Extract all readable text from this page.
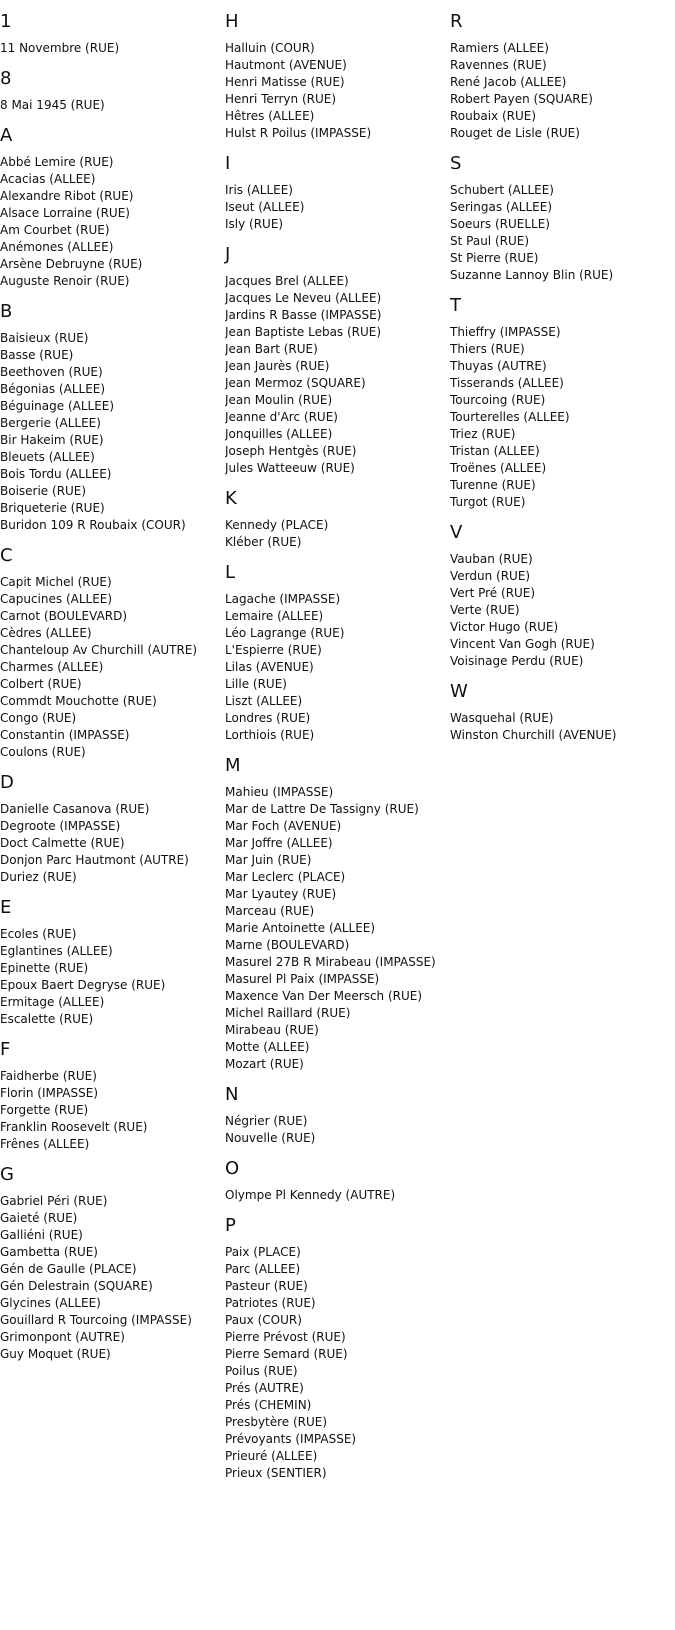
1
11 Novembre (RUE)
8
8 Mai 1945 (RUE)
A
Abbé Lemire (RUE)
Acacias (ALLEE)
Alexandre Ribot (RUE)
Alsace Lorraine (RUE)
Am Courbet (RUE)
Anémones (ALLEE)
Arsène Debruyne (RUE)
Auguste Renoir (RUE)
B
Baisieux (RUE)
Basse (RUE)
Beethoven (RUE)
Bégonias (ALLEE)
Béguinage (ALLEE)
Bergerie (ALLEE)
Bir Hakeim (RUE)
Bleuets (ALLEE)
Bois Tordu (ALLEE)
Boiserie (RUE)
Briqueterie (RUE)
Buridon 109 R Roubaix (COUR)
C
Capit Michel (RUE)
Capucines (ALLEE)
Carnot (BOULEVARD)
Cèdres (ALLEE)
Chanteloup Av Churchill (AUTRE)
Charmes (ALLEE)
Colbert (RUE)
Commdt Mouchotte (RUE)
Congo (RUE)
Constantin (IMPASSE)
Coulons (RUE)
D
Danielle Casanova (RUE)
Degroote (IMPASSE)
Doct Calmette (RUE)
Donjon Parc Hautmont (AUTRE)
Duriez (RUE)
E
Ecoles (RUE)
Eglantines (ALLEE)
Epinette (RUE)
Epoux Baert Degryse (RUE)
Ermitage (ALLEE)
Escalette (RUE)
F
Faidherbe (RUE)
Florin (IMPASSE)
Forgette (RUE)
Franklin Roosevelt (RUE)
Frênes (ALLEE)
G
Gabriel Péri (RUE)
Gaieté (RUE)
Galliéni (RUE)
Gambetta (RUE)
Gén de Gaulle (PLACE)
Gén Delestrain (SQUARE)
Glycines (ALLEE)
Gouillard R Tourcoing (IMPASSE)
Grimonpont (AUTRE)
Guy Moquet (RUE)
H
Halluin (COUR)
Hautmont (AVENUE)
Henri Matisse (RUE)
Henri Terryn (RUE)
Hêtres (ALLEE)
Hulst R Poilus (IMPASSE)
I
Iris (ALLEE)
Iseut (ALLEE)
Isly (RUE)
J
Jacques Brel (ALLEE)
Jacques Le Neveu (ALLEE)
Jardins R Basse (IMPASSE)
Jean Baptiste Lebas (RUE)
Jean Bart (RUE)
Jean Jaurès (RUE)
Jean Mermoz (SQUARE)
Jean Moulin (RUE)
Jeanne d'Arc (RUE)
Jonquilles (ALLEE)
Joseph Hentgès (RUE)
Jules Watteeuw (RUE)
K
Kennedy (PLACE)
Kléber (RUE)
L
Lagache (IMPASSE)
Lemaire (ALLEE)
Léo Lagrange (RUE)
L'Espierre (RUE)
Lilas (AVENUE)
Lille (RUE)
Liszt (ALLEE)
Londres (RUE)
Lorthiois (RUE)
M
Mahieu (IMPASSE)
Mar de Lattre De Tassigny (RUE)
Mar Foch (AVENUE)
Mar Joffre (ALLEE)
Mar Juin (RUE)
Mar Leclerc (PLACE)
Mar Lyautey (RUE)
Marceau (RUE)
Marie Antoinette (ALLEE)
Marne (BOULEVARD)
Masurel 27B R Mirabeau (IMPASSE)
Masurel Pl Paix (IMPASSE)
Maxence Van Der Meersch (RUE)
Michel Raillard (RUE)
Mirabeau (RUE)
Motte (ALLEE)
Mozart (RUE)
N
Négrier (RUE)
Nouvelle (RUE)
O
Olympe Pl Kennedy (AUTRE)
P
Paix (PLACE)
Parc (ALLEE)
Pasteur (RUE)
Patriotes (RUE)
Paux (COUR)
Pierre Prévost (RUE)
Pierre Semard (RUE)
Poilus (RUE)
Prés (AUTRE)
Prés (CHEMIN)
Presbytère (RUE)
Prévoyants (IMPASSE)
Prieuré (ALLEE)
Prieux (SENTIER)
R
Ramiers (ALLEE)
Ravennes (RUE)
René Jacob (ALLEE)
Robert Payen (SQUARE)
Roubaix (RUE)
Rouget de Lisle (RUE)
S
Schubert (ALLEE)
Seringas (ALLEE)
Soeurs (RUELLE)
St Paul (RUE)
St Pierre (RUE)
Suzanne Lannoy Blin (RUE)
T
Thieffry (IMPASSE)
Thiers (RUE)
Thuyas (AUTRE)
Tisserands (ALLEE)
Tourcoing (RUE)
Tourterelles (ALLEE)
Triez (RUE)
Tristan (ALLEE)
Troënes (ALLEE)
Turenne (RUE)
Turgot (RUE)
V
Vauban (RUE)
Verdun (RUE)
Vert Pré (RUE)
Verte (RUE)
Victor Hugo (RUE)
Vincent Van Gogh (RUE)
Voisinage Perdu (RUE)
W
Wasquehal (RUE)
Winston Churchill (AVENUE)
